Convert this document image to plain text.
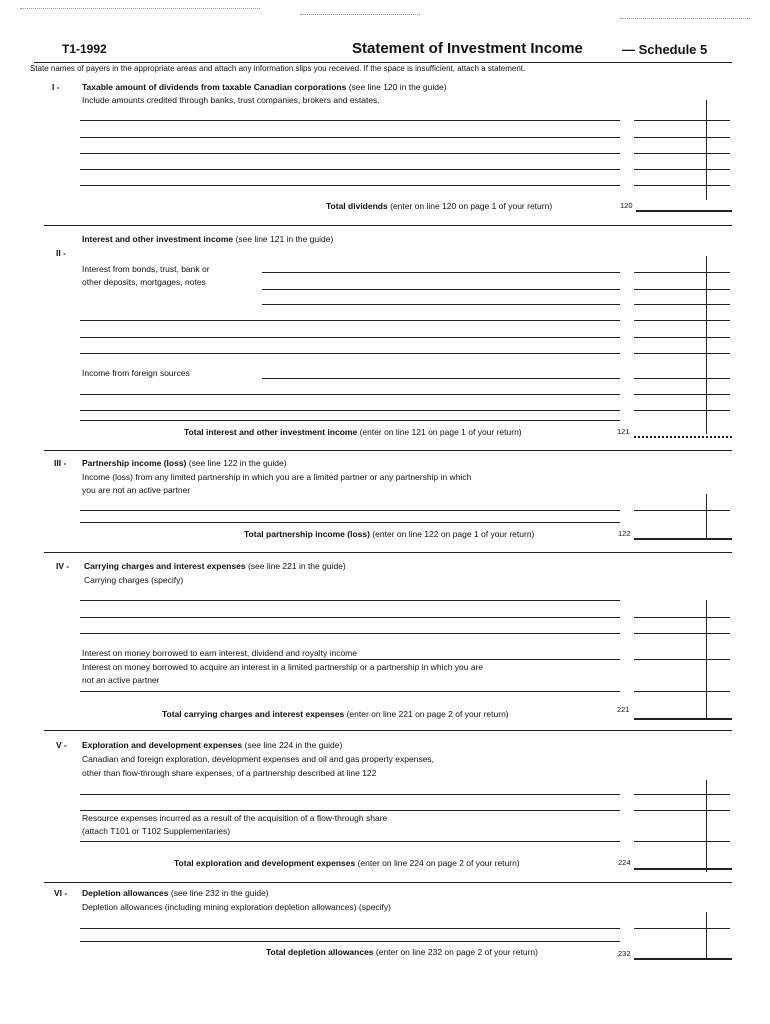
T1-1992	Statement of Investment Income	— Schedule 5
State names of payers in the appropriate areas and attach any information slips you received. If the space is insufficient, attach a statement.
I -	Taxable amount of dividends from taxable Canadian corporations (see line 120 in the guide)
Include amounts credited through banks, trust companies, brokers and estates.
Total dividends (enter on line 120 on page 1 of your return)	120
Interest and other investment income (see line 121 in the guide)
II -
Interest from bonds, trust, bank or
other deposits, mortgages, notes
Income from foreign sources
Total interest and other investment income (enter on line 121 on page 1 of your return)	121
III - Partnership income (loss) (see line 122 in the guide)
Income (loss) from any limited partnership in which you are a limited partner or any partnership in which
you are not an active partner
Total partnership income (loss) (enter on line 122 on page 1 of your return)	122
IV - Carrying charges and interest expenses (see line 221 in the guide)
Carrying charges (specify)
Interest on money borrowed to earn interest, dividend and royalty income
Interest on money borrowed to acquire an interest in a limited partnership or a partnership in which you are
not an active partner
Total carrying charges and interest expenses (enter on line 221 on page 2 of your return)	221
V - Exploration and development expenses (see line 224 in the guide)
Canadian and foreign exploration, development expenses and oil and gas property expenses,
other than flow-through share expenses, of a partnership described at line 122
Resource expenses incurred as a result of the acquisition of a flow-through share
(attach T101 or T102 Supplementaries)
Total exploration and development expenses (enter on line 224 on page 2 of your return)	224
VI - Depletion allowances (see line 232 in the guide)
Depletion allowances (including mining exploration depletion allowances) (specify)
Total depletion allowances (enter on line 232 on page 2 of your return)	232
